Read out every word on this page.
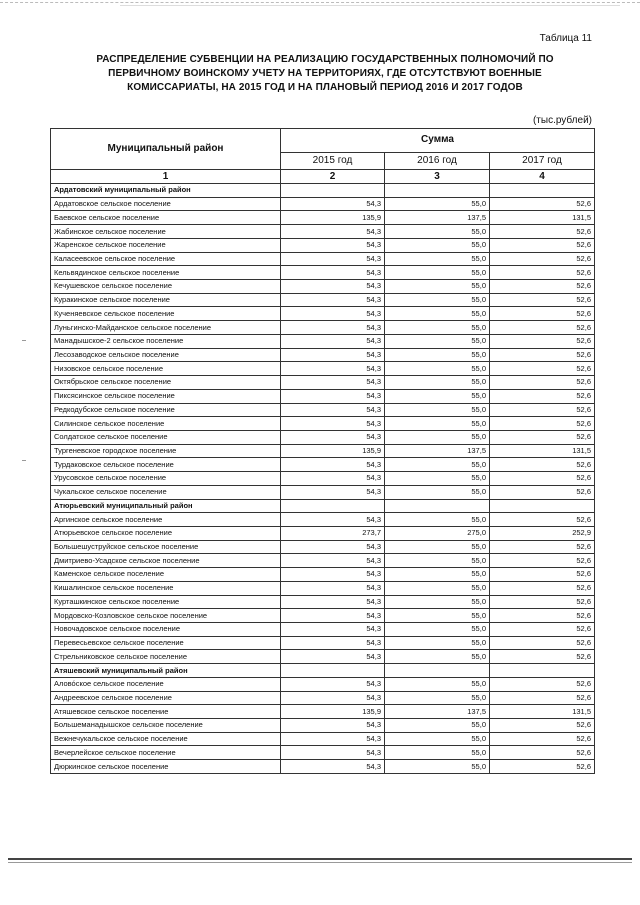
Таблица 11
РАСПРЕДЕЛЕНИЕ СУБВЕНЦИИ НА РЕАЛИЗАЦИЮ ГОСУДАРСТВЕННЫХ ПОЛНОМОЧИЙ ПО
ПЕРВИЧНОМУ ВОИНСКОМУ УЧЕТУ НА ТЕРРИТОРИЯХ, ГДЕ ОТСУТСТВУЮТ ВОЕННЫЕ
КОМИССАРИАТЫ, НА 2015 ГОД И НА ПЛАНОВЫЙ ПЕРИОД 2016 И 2017 ГОДОВ
(тыс.рублей)
Муниципальный район	Сумма		
	2015 год	2016 год	2017 год
1	2	3	4
Ардатовский муниципальный район			
Ардатовское сельское поселение	54,3	55,0	52,6
Баевское сельское поселение	135,9	137,5	131,5
Жабинское сельское поселение	54,3	55,0	52,6
Жаренское сельское поселение	54,3	55,0	52,6
Каласеевское сельское поселение	54,3	55,0	52,6
Кельвядинское сельское поселение	54,3	55,0	52,6
Кечушевское сельское поселение	54,3	55,0	52,6
Куракинское сельское поселение	54,3	55,0	52,6
Кученяевское сельское поселение	54,3	55,0	52,6
Луньгинско-Майданское сельское поселение	54,3	55,0	52,6
Манадышское-2 сельское поселение	54,3	55,0	52,6
Лесозаводское сельское поселение	54,3	55,0	52,6
Низовское сельское поселение	54,3	55,0	52,6
Октябрьское сельское поселение	54,3	55,0	52,6
Пиксясинское сельское поселение	54,3	55,0	52,6
Редкодубское сельское поселение	54,3	55,0	52,6
Силинское сельское поселение	54,3	55,0	52,6
Солдатское сельское поселение	54,3	55,0	52,6
Тургеневское городское поселение	135,9	137,5	131,5
Турдаковское сельское поселение	54,3	55,0	52,6
Урусовское сельское поселение	54,3	55,0	52,6
Чукальское сельское поселение	54,3	55,0	52,6
Атюрьевский муниципальный район			
Аргинское сельское поселение	54,3	55,0	52,6
Атюрьевское сельское поселение	273,7	275,0	252,9
Большешуструйское сельское поселение	54,3	55,0	52,6
Дмитриево-Усадское сельское поселение	54,3	55,0	52,6
Каменское сельское поселение	54,3	55,0	52,6
Кишалинское сельское поселение	54,3	55,0	52,6
Курташкинское сельское поселение	54,3	55,0	52,6
Мордовско-Козловское сельское поселение	54,3	55,0	52,6
Новочадовское сельское поселение	54,3	55,0	52,6
Перевесьевское сельское поселение	54,3	55,0	52,6
Стрельниковское сельское поселение	54,3	55,0	52,6
Атяшевский муниципальный район			
Алово́ское сельское поселение	54,3	55,0	52,6
Андреевское сельское поселение	54,3	55,0	52,6
Атяшевское сельское поселение	135,9	137,5	131,5
Большеманадышское сельское поселение	54,3	55,0	52,6
Вежнечукальское сельское поселение	54,3	55,0	52,6
Вечерлейское сельское поселение	54,3	55,0	52,6
Дюркинское сельское поселение	54,3	55,0	52,6
